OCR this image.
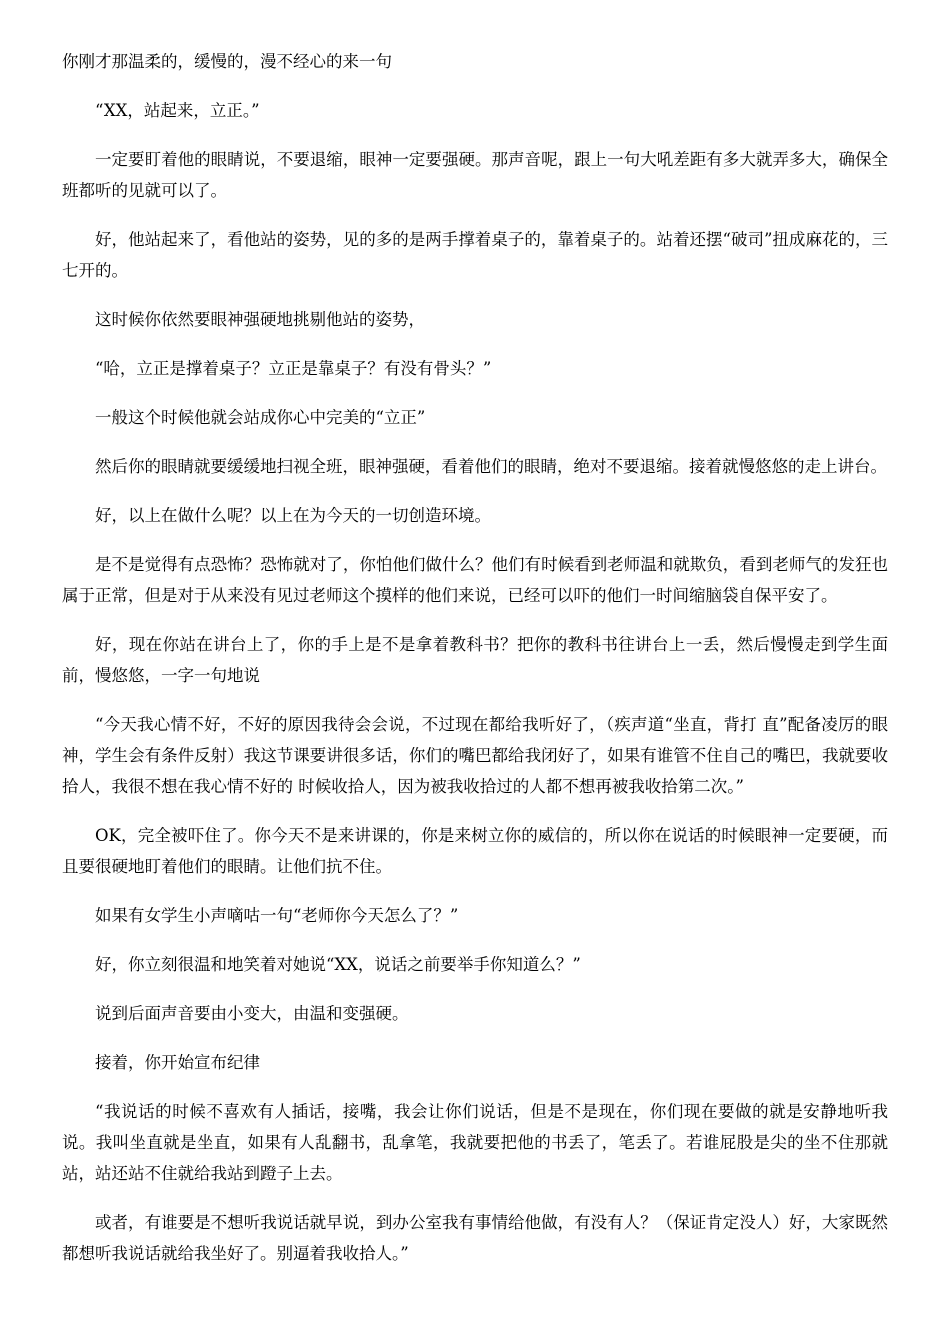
你刚才那温柔的，缓慢的，漫不经心的来一句

“XX，站起来，立正。”

一定要盯着他的眼睛说，不要退缩，眼神一定要强硬。那声音呢，跟上一句大吼差距有多大就弄多大，确保全班都听的见就可以了。

好，他站起来了，看他站的姿势，见的多的是两手撑着桌子的，靠着桌子的。站着还摆“破司”扭成麻花的，三七开的。

这时候你依然要眼神强硬地挑剔他站的姿势，

“哈，立正是撑着桌子？立正是靠桌子？有没有骨头？”

一般这个时候他就会站成你心中完美的“立正”

然后你的眼睛就要缓缓地扫视全班，眼神强硬，看着他们的眼睛，绝对不要退缩。接着就慢悠悠的走上讲台。

好，以上在做什么呢？以上在为今天的一切创造环境。

是不是觉得有点恐怖？恐怖就对了，你怕他们做什么？他们有时候看到老师温和就欺负，看到老师气的发狂也属于正常，但是对于从来没有见过老师这个摸样的他们来说，已经可以吓的他们一时间缩脑袋自保平安了。

好，现在你站在讲台上了，你的手上是不是拿着教科书？把你的教科书往讲台上一丢，然后慢慢走到学生面前，慢悠悠，一字一句地说

“今天我心情不好，不好的原因我待会会说，不过现在都给我听好了，（疾声道“坐直，背打 直”配备凌厉的眼神，学生会有条件反射）我这节课要讲很多话，你们的嘴巴都给我闭好了，如果有谁管不住自己的嘴巴，我就要收拾人，我很不想在我心情不好的 时候收拾人，因为被我收拾过的人都不想再被我收拾第二次。”

OK，完全被吓住了。你今天不是来讲课的，你是来树立你的威信的，所以你在说话的时候眼神一定要硬，而且要很硬地盯着他们的眼睛。让他们抗不住。

如果有女学生小声嘀咕一句“老师你今天怎么了？”

好，你立刻很温和地笑着对她说“XX，说话之前要举手你知道么？”

说到后面声音要由小变大，由温和变强硬。

接着，你开始宣布纪律

“我说话的时候不喜欢有人插话，接嘴，我会让你们说话，但是不是现在，你们现在要做的就是安静地听我说。我叫坐直就是坐直，如果有人乱翻书，乱拿笔，我就要把他的书丢了，笔丢了。若谁屁股是尖的坐不住那就站，站还站不住就给我站到蹬子上去。

或者，有谁要是不想听我说话就早说，到办公室我有事情给他做，有没有人？（保证肯定没人）好，大家既然都想听我说话就给我坐好了。别逼着我收拾人。”
